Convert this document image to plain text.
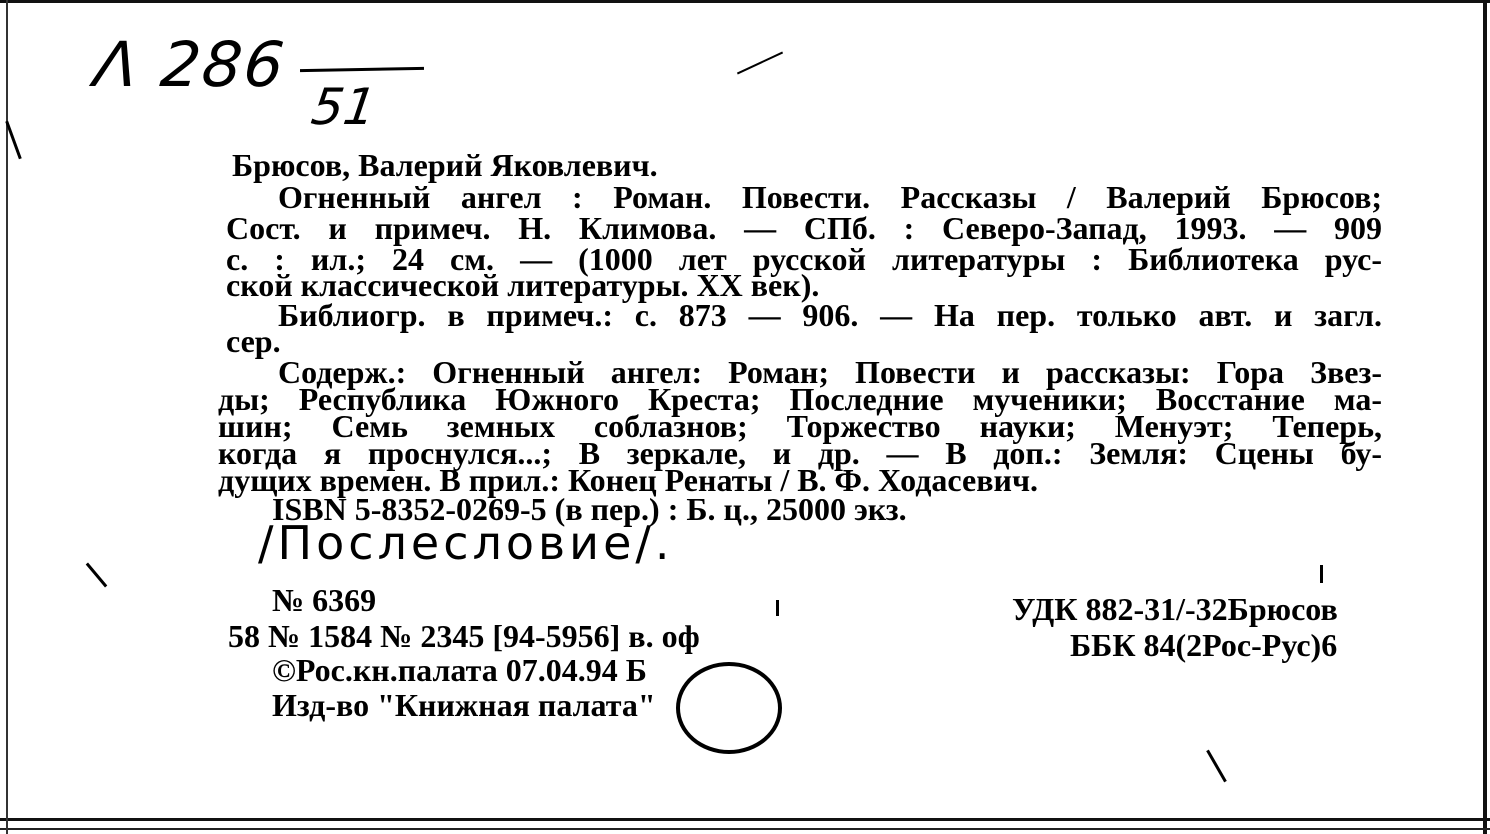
Λ 286
51
Брюсов, Валерий Яковлевич.
Огненный ангел : Роман. Повести. Рассказы / Валерий Брюсов;
Сост. и примеч. Н. Климова. — СПб. : Северо-Запад, 1993. — 909
с. : ил.; 24 см. — (1000 лет русской литературы : Библиотека рус-
ской классической литературы. XX век).
Библиогр. в примеч.: с. 873 — 906. — На пер. только авт. и загл.
сер.
Содерж.: Огненный ангел: Роман; Повести и рассказы: Гора Звез-
ды; Республика Южного Креста; Последние мученики; Восстание ма-
шин; Семь земных соблазнов; Торжество науки; Менуэт; Теперь,
когда я проснулся...; В зеркале, и др. — В доп.: Земля: Сцены бу-
дущих времен. В прил.: Конец Ренаты / В. Ф. Ходасевич.
ISBN 5-8352-0269-5 (в пер.) : Б. ц., 25000 экз.
/Послесловие/.
№ 6369
58 № 1584 № 2345 [94-5956] в. оф
©Рос.кн.палата 07.04.94 Б
Изд-во "Книжная палата"
УДК 882-31/-32Брюсов
ББК 84(2Рос-Рус)6
